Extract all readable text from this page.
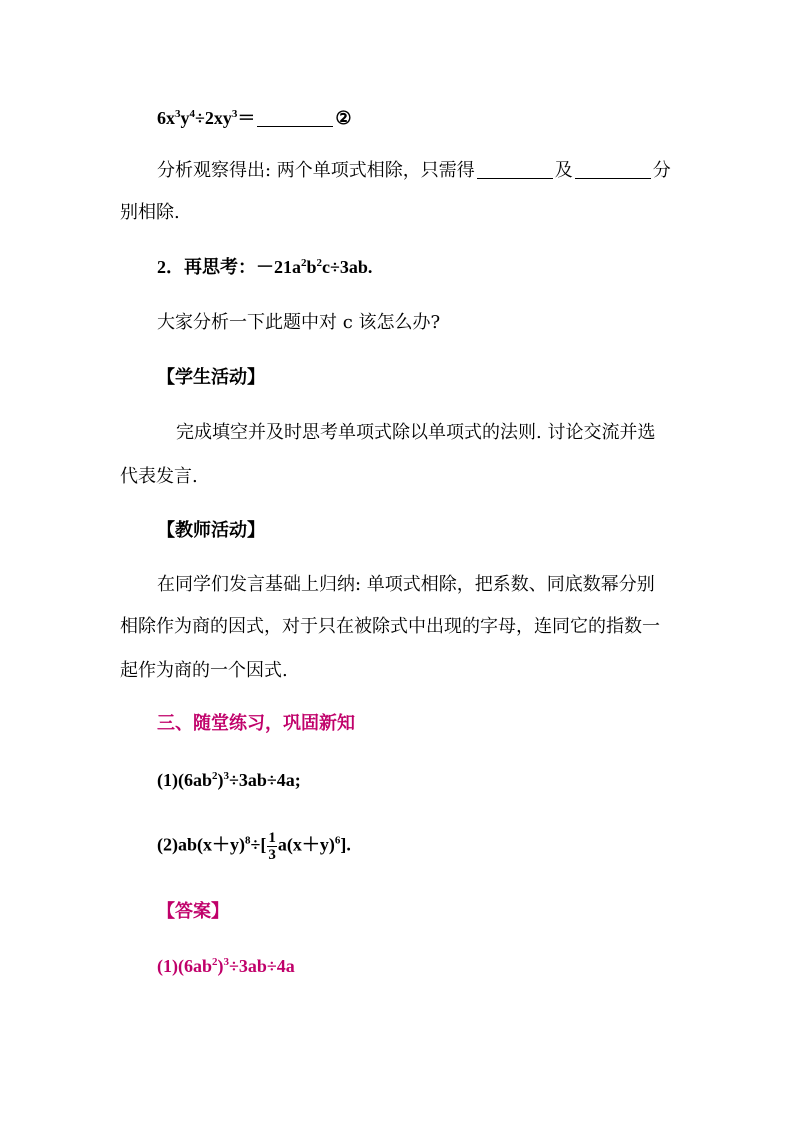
$6x^3y^4\div 2xy^3=$	②
分析观察得出: 两个单项式相除，只需得	及	分
别相除.
2．再思考：$-21a^2b^2c\div 3ab$.
大家分析一下此题中对 c 该怎么办?
【学生活动】
完成填空并及时思考单项式除以单项式的法则. 讨论交流并选
代表发言.
【教师活动】
在同学们发言基础上归纳: 单项式相除，把系数、同底数幂分别
相除作为商的因式，对于只在被除式中出现的字母，连同它的指数一
起作为商的一个因式.
三、随堂练习，巩固新知
$(1)(6ab^2)^3\div 3ab\div 4a$;
$(2)ab(x+y)^8\div[ \frac{1}{3} a(x+y)^6]$.
【答案】
$(1)(6ab^2)^3\div 3ab\div 4a$
